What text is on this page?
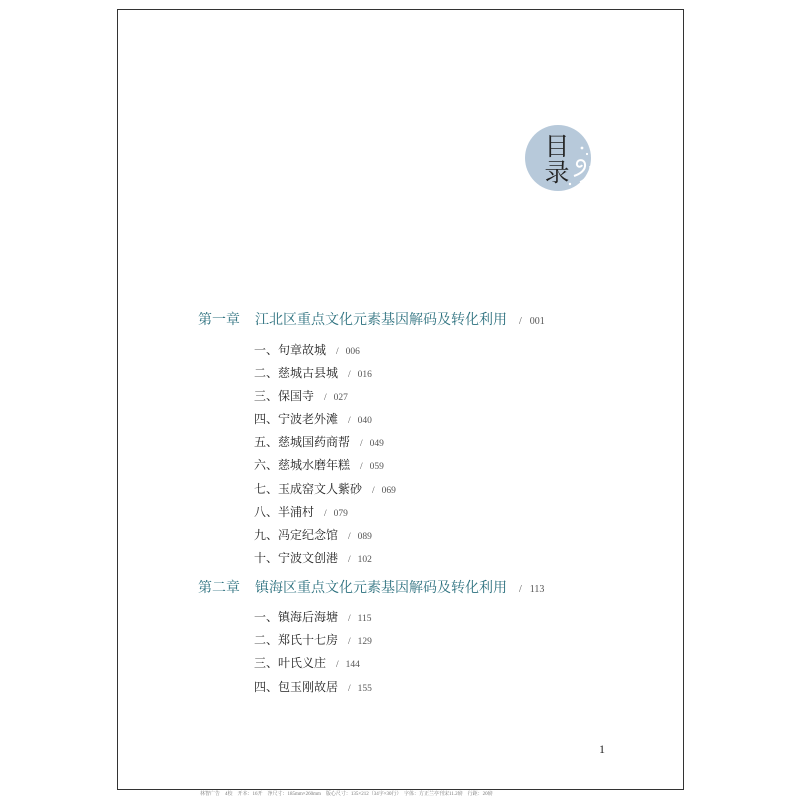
目
录
第一章 江北区重点文化元素基因解码及转化利用 / 001
一、句章故城 / 006
二、慈城古县城 / 016
三、保国寺 / 027
四、宁波老外滩 / 040
五、慈城国药商帮 / 049
六、慈城水磨年糕 / 059
七、玉成窑文人紫砂 / 069
八、半浦村 / 079
九、冯定纪念馆 / 089
十、宁波文创港 / 102
第二章 镇海区重点文化元素基因解码及转化利用 / 113
一、镇海后海塘 / 115
二、郑氏十七房 / 129
三、叶氏义庄 / 144
四、包玉刚故居 / 155
1
林智广告　4校　开本：16开　净尺寸：185mm×260mm　版心尺寸：135×212（34字×30行）　字体：方正兰亭刊宋11.2磅　行距：20磅
